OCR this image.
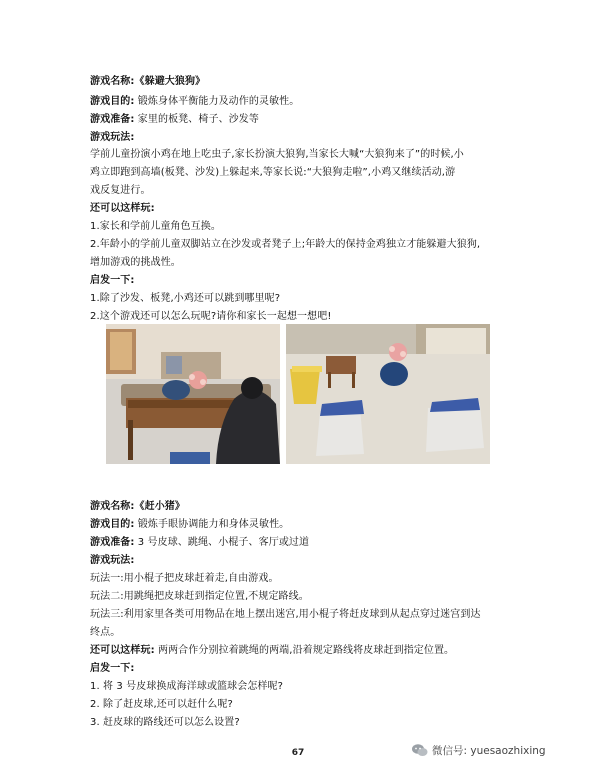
游戏名称:《躲避大狼狗》
游戏目的: 锻炼身体平衡能力及动作的灵敏性。
游戏准备: 家里的板凳、椅子、沙发等
游戏玩法:
学前儿童扮演小鸡在地上吃虫子,家长扮演大狼狗,当家长大喊“大狼狗来了”的时候,小
鸡立即跑到高墙(板凳、沙发)上躲起来,等家长说:“大狼狗走啦”,小鸡又继续活动,游
戏反复进行。
还可以这样玩:
1.家长和学前儿童角色互换。
2.年龄小的学前儿童双脚站立在沙发或者凳子上;年龄大的保持金鸡独立才能躲避大狼狗,
增加游戏的挑战性。
启发一下:
1.除了沙发、板凳,小鸡还可以跳到哪里呢?
2.这个游戏还可以怎么玩呢?请你和家长一起想一想吧!
游戏名称:《赶小猪》
游戏目的: 锻炼手眼协调能力和身体灵敏性。
游戏准备: 3 号皮球、跳绳、小棍子、客厅或过道
游戏玩法:
玩法一:用小棍子把皮球赶着走,自由游戏。
玩法二:用跳绳把皮球赶到指定位置,不规定路线。
玩法三:利用家里各类可用物品在地上摆出迷宫,用小棍子将赶皮球到从起点穿过迷宫到达
终点。
还可以这样玩: 两两合作分别拉着跳绳的两端,沿着规定路线将皮球赶到指定位置。
启发一下:
1. 将 3 号皮球换成海洋球或篮球会怎样呢?
2. 除了赶皮球,还可以赶什么呢?
3. 赶皮球的路线还可以怎么设置?
微信号: yuesaozhixing
67
